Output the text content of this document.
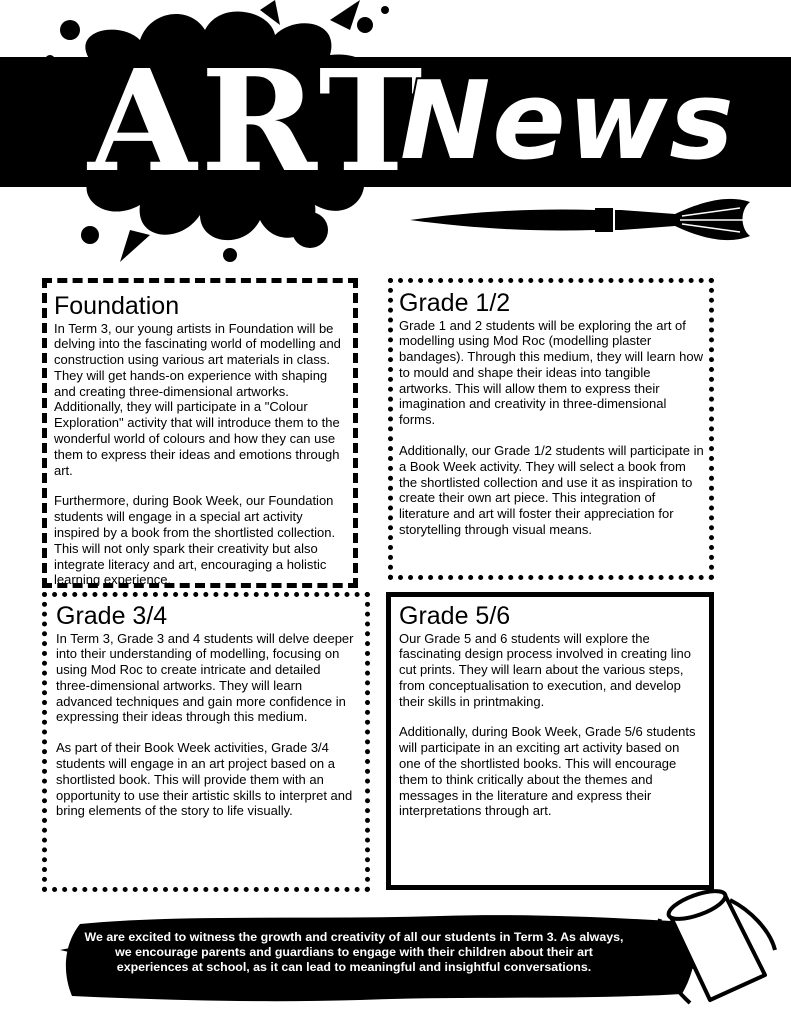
ART
News
Foundation

In Term 3, our young artists in Foundation will be delving into the fascinating world of modelling and construction using various art materials in class. They will get hands-on experience with shaping and creating three-dimensional artworks. Additionally, they will participate in a "Colour Exploration" activity that will introduce them to the wonderful world of colours and how they can use them to express their ideas and emotions through art.

Furthermore, during Book Week, our Foundation students will engage in a special art activity inspired by a book from the shortlisted collection. This will not only spark their creativity but also integrate literacy and art, encouraging a holistic learning experience.

Grade 1/2

Grade 1 and 2 students will be exploring the art of modelling using Mod Roc (modelling plaster bandages). Through this medium, they will learn how to mould and shape their ideas into tangible artworks. This will allow them to express their imagination and creativity in three-dimensional forms.

Additionally, our Grade 1/2 students will participate in a Book Week activity. They will select a book from the shortlisted collection and use it as inspiration to create their own art piece. This integration of literature and art will foster their appreciation for storytelling through visual means.

Grade 3/4

In Term 3, Grade 3 and 4 students will delve deeper into their understanding of modelling, focusing on using Mod Roc to create intricate and detailed three-dimensional artworks. They will learn advanced techniques and gain more confidence in expressing their ideas through this medium.

As part of their Book Week activities, Grade 3/4 students will engage in an art project based on a shortlisted book. This will provide them with an opportunity to use their artistic skills to interpret and bring elements of the story to life visually.

Grade 5/6

Our Grade 5 and 6 students will explore the fascinating design process involved in creating lino cut prints. They will learn about the various steps, from conceptualisation to execution, and develop their skills in printmaking.

Additionally, during Book Week, Grade 5/6 students will participate in an exciting art activity based on one of the shortlisted books. This will encourage them to think critically about the themes and messages in the literature and express their interpretations through art.

We are excited to witness the growth and creativity of all our students in Term 3. As always, we encourage parents and guardians to engage with their children about their art experiences at school, as it can lead to meaningful and insightful conversations.
